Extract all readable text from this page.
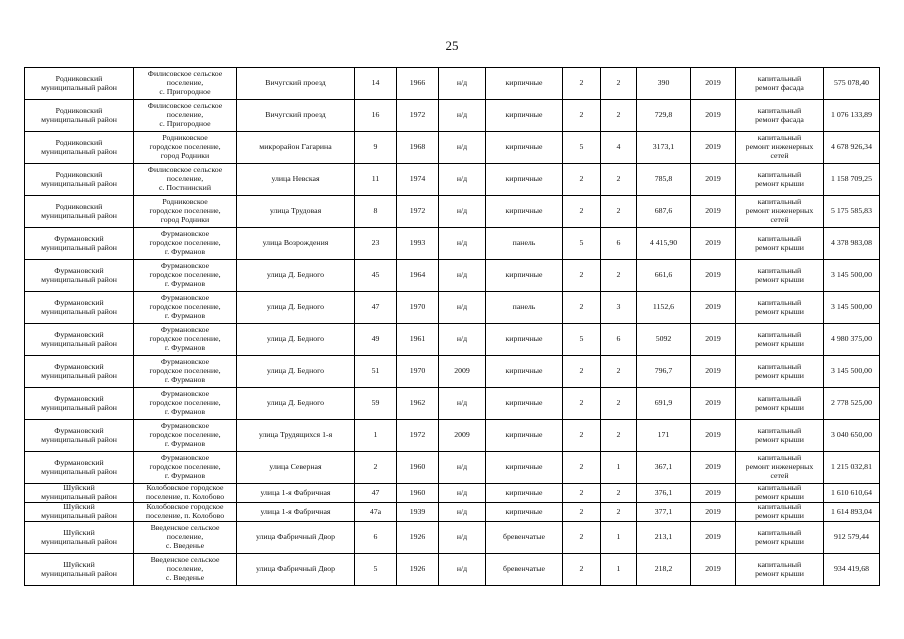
25
Родниковский
муниципальный район	Филисовское сельское
поселение,
с. Пригородное	Вичугский проезд	14	1966	н/д	кирпичные	2	2	390	2019	капитальный
ремонт фасада	575 078,40

Родниковский
муниципальный район	Филисовское сельское
поселение,
с. Пригородное	Вичугский проезд	16	1972	н/д	кирпичные	2	2	729,8	2019	капитальный
ремонт фасада	1 076 133,89

Родниковский
муниципальный район	Родниковское
городское поселение,
город Родники	микрорайон Гагарина	9	1968	н/д	кирпичные	5	4	3173,1	2019	капитальный
ремонт инженерных
сетей	4 678 926,34

Родниковский
муниципальный район	Филисовское сельское
поселение,
с. Постнинский	улица Невская	11	1974	н/д	кирпичные	2	2	785,8	2019	капитальный
ремонт крыши	1 158 709,25

Родниковский
муниципальный район	Родниковское
городское поселение,
город Родники	улица Трудовая	8	1972	н/д	кирпичные	2	2	687,6	2019	капитальный
ремонт инженерных
сетей	5 175 585,83

Фурмановский
муниципальный район	Фурмановское
городское поселение,
г. Фурманов	улица Возрождения	23	1993	н/д	панель	5	6	4 415,90	2019	капитальный
ремонт крыши	4 378 983,08

Фурмановский
муниципальный район	Фурмановское
городское поселение,
г. Фурманов	улица Д. Бедного	45	1964	н/д	кирпичные	2	2	661,6	2019	капитальный
ремонт крыши	3 145 500,00

Фурмановский
муниципальный район	Фурмановское
городское поселение,
г. Фурманов	улица Д. Бедного	47	1970	н/д	панель	2	3	1152,6	2019	капитальный
ремонт крыши	3 145 500,00

Фурмановский
муниципальный район	Фурмановское
городское поселение,
г. Фурманов	улица Д. Бедного	49	1961	н/д	кирпичные	5	6	5092	2019	капитальный
ремонт крыши	4 980 375,00

Фурмановский
муниципальный район	Фурмановское
городское поселение,
г. Фурманов	улица Д. Бедного	51	1970	2009	кирпичные	2	2	796,7	2019	капитальный
ремонт крыши	3 145 500,00

Фурмановский
муниципальный район	Фурмановское
городское поселение,
г. Фурманов	улица Д. Бедного	59	1962	н/д	кирпичные	2	2	691,9	2019	капитальный
ремонт крыши	2 778 525,00

Фурмановский
муниципальный район	Фурмановское
городское поселение,
г. Фурманов	улица Трудящихся 1-я	1	1972	2009	кирпичные	2	2	171	2019	капитальный
ремонт крыши	3 040 650,00

Фурмановский
муниципальный район	Фурмановское
городское поселение,
г. Фурманов	улица Северная	2	1960	н/д	кирпичные	2	1	367,1	2019	капитальный
ремонт инженерных
сетей	1 215 032,81

Шуйский
муниципальный район	Колобовское городское
поселение, п. Колобово	улица 1-я Фабричная	47	1960	н/д	кирпичные	2	2	376,1	2019	капитальный
ремонт крыши	1 610 610,64

Шуйский
муниципальный район	Колобовское городское
поселение, п. Колобово	улица 1-я Фабричная	47а	1939	н/д	кирпичные	2	2	377,1	2019	капитальный
ремонт крыши	1 614 893,04

Шуйский
муниципальный район	Введенское сельское
поселение,
с. Введенье	улица Фабричный Двор	6	1926	н/д	бревенчатые	2	1	213,1	2019	капитальный
ремонт крыши	912 579,44

Шуйский
муниципальный район	Введенское сельское
поселение,
с. Введенье	улица Фабричный Двор	5	1926	н/д	бревенчатые	2	1	218,2	2019	капитальный
ремонт крыши	934 419,68
